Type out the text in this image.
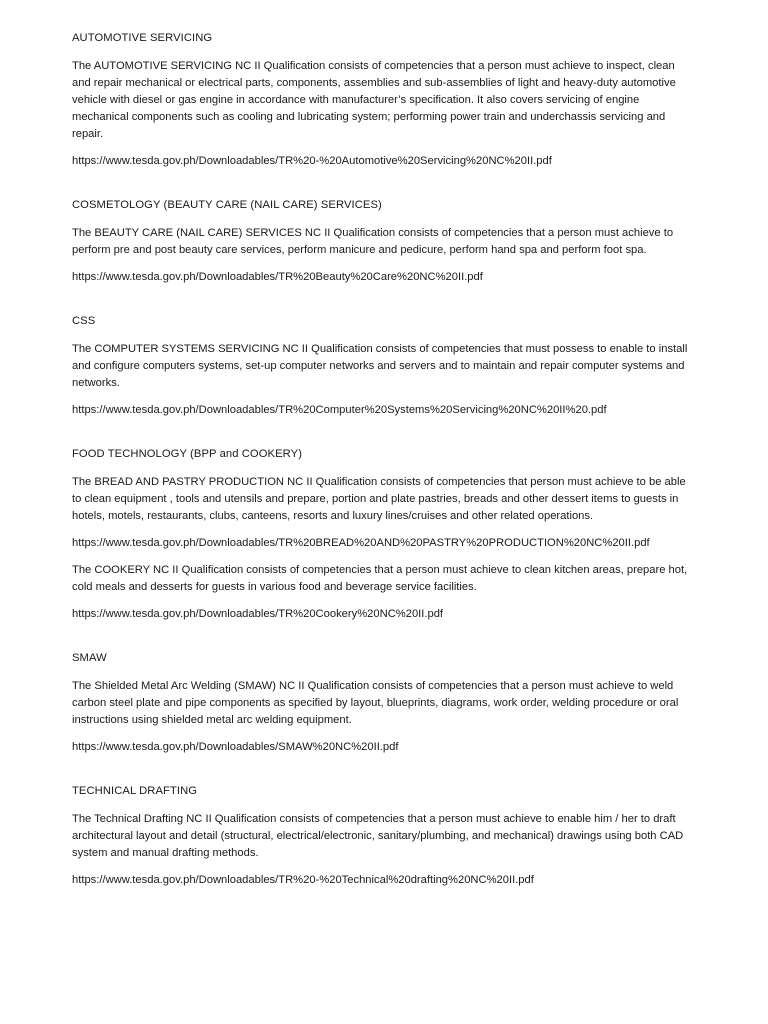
AUTOMOTIVE SERVICING

The AUTOMOTIVE SERVICING NC II Qualification consists of competencies that a person must achieve to inspect, clean and repair mechanical or electrical parts, components, assemblies and sub-assemblies of light and heavy-duty automotive vehicle with diesel or gas engine in accordance with manufacturer’s specification. It also covers servicing of engine mechanical components such as cooling and lubricating system; performing power train and underchassis servicing and repair.

https://www.tesda.gov.ph/Downloadables/TR%20-%20Automotive%20Servicing%20NC%20II.pdf

COSMETOLOGY (BEAUTY CARE (NAIL CARE) SERVICES)

The BEAUTY CARE (NAIL CARE) SERVICES NC II Qualification consists of competencies that a person must achieve to perform pre and post beauty care services, perform manicure and pedicure, perform hand spa and perform foot spa.

https://www.tesda.gov.ph/Downloadables/TR%20Beauty%20Care%20NC%20II.pdf

CSS

The COMPUTER SYSTEMS SERVICING NC II Qualification consists of competencies that must possess to enable to install and configure computers systems, set-up computer networks and servers and to maintain and repair computer systems and networks.

https://www.tesda.gov.ph/Downloadables/TR%20Computer%20Systems%20Servicing%20NC%20II%20.pdf

FOOD TECHNOLOGY (BPP and COOKERY)

The BREAD AND PASTRY PRODUCTION NC II Qualification consists of competencies that person must achieve to be able to clean equipment , tools and utensils and prepare, portion and plate pastries, breads and other dessert items to guests in hotels, motels, restaurants, clubs, canteens, resorts and luxury lines/cruises and other related operations.

https://www.tesda.gov.ph/Downloadables/TR%20BREAD%20AND%20PASTRY%20PRODUCTION%20NC%20II.pdf

The COOKERY NC II Qualification consists of competencies that a person must achieve to clean kitchen areas, prepare hot, cold meals and desserts for guests in various food and beverage service facilities.

https://www.tesda.gov.ph/Downloadables/TR%20Cookery%20NC%20II.pdf

SMAW

The Shielded Metal Arc Welding (SMAW) NC II Qualification consists of competencies that a person must achieve to weld carbon steel plate and pipe components as specified by layout, blueprints, diagrams, work order, welding procedure or oral instructions using shielded metal arc welding equipment.

https://www.tesda.gov.ph/Downloadables/SMAW%20NC%20II.pdf

TECHNICAL DRAFTING

The Technical Drafting NC II Qualification consists of competencies that a person must achieve to enable him / her to draft architectural layout and detail (structural, electrical/electronic, sanitary/plumbing, and mechanical) drawings using both CAD system and manual drafting methods.

https://www.tesda.gov.ph/Downloadables/TR%20-%20Technical%20drafting%20NC%20II.pdf
